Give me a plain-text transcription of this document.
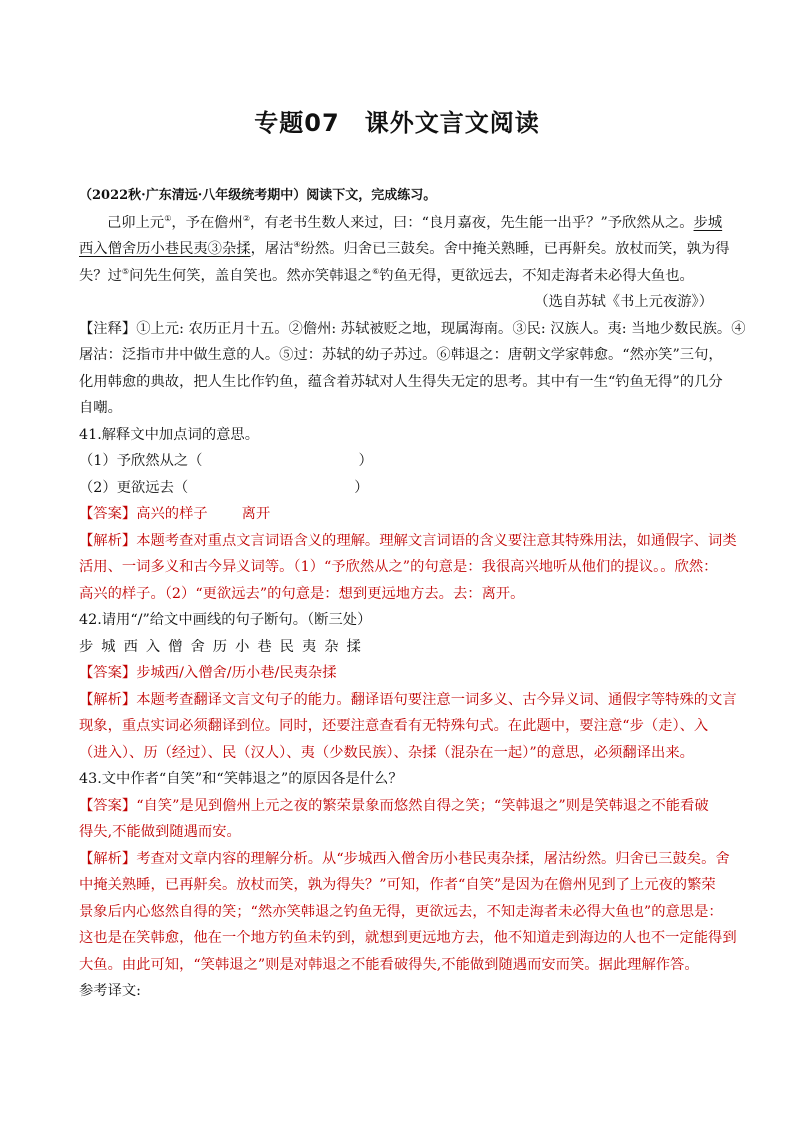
专题07　课外文言文阅读
（2022秋·广东清远·八年级统考期中）阅读下文，完成练习。
己卯上元①，予在儋州②，有老书生数人来过，曰：“良月嘉夜，先生能一出乎？”予欣然从之。步城
西入僧舍历小巷民夷③杂揉，屠沽④纷然。归舍已三鼓矣。舍中掩关熟睡，已再鼾矣。放杖而笑，孰为得
失？过⑤问先生何笑，盖自笑也。然亦笑韩退之⑥钓鱼无得，更欲远去，不知走海者未必得大鱼也。
（选自苏轼《书上元夜游》）
【注释】①上元: 农历正月十五。②儋州: 苏轼被贬之地，现属海南。③民: 汉族人。夷: 当地少数民族。④
屠沽：泛指市井中做生意的人。⑤过：苏轼的幼子苏过。⑥韩退之：唐朝文学家韩愈。“然亦笑”三句，
化用韩愈的典故，把人生比作钓鱼，蕴含着苏轼对人生得失无定的思考。其中有一生“钓鱼无得”的几分
自嘲。
41.解释文中加点词的意思。
（1）予欣然从之（	）
（2）更欲远去（	）
【答案】高兴的样子 离开
【解析】本题考查对重点文言词语含义的理解。理解文言词语的含义要注意其特殊用法，如通假字、词类
活用、一词多义和古今异义词等。（1）“予欣然从之”的句意是：我很高兴地听从他们的提议。。欣然：
高兴的样子。（2）“更欲远去”的句意是：想到更远地方去。去：离开。
42.请用“/”给文中画线的句子断句。（断三处）
步城西入僧舍历小巷民夷杂揉
【答案】步城西/入僧舍/历小巷/民夷杂揉
【解析】本题考查翻译文言文句子的能力。翻译语句要注意一词多义、古今异义词、通假字等特殊的文言
现象，重点实词必须翻译到位。同时，还要注意查看有无特殊句式。在此题中，要注意“步（走）、入
（进入）、历（经过）、民（汉人）、夷（少数民族）、杂揉（混杂在一起）”的意思，必须翻译出来。
43.文中作者“自笑”和“笑韩退之”的原因各是什么？
【答案】“自笑”是见到儋州上元之夜的繁荣景象而悠然自得之笑；“笑韩退之”则是笑韩退之不能看破
得失,不能做到随遇而安。
【解析】考查对文章内容的理解分析。从“步城西入僧舍历小巷民夷杂揉，屠沽纷然。归舍已三鼓矣。舍
中掩关熟睡，已再鼾矣。放杖而笑，孰为得失？”可知，作者“自笑”是因为在儋州见到了上元夜的繁荣
景象后内心悠然自得的笑；“然亦笑韩退之钓鱼无得，更欲远去，不知走海者未必得大鱼也”的意思是：
这也是在笑韩愈，他在一个地方钓鱼未钓到，就想到更远地方去，他不知道走到海边的人也不一定能得到
大鱼。由此可知，“笑韩退之”则是对韩退之不能看破得失,不能做到随遇而安而笑。据此理解作答。
参考译文:
